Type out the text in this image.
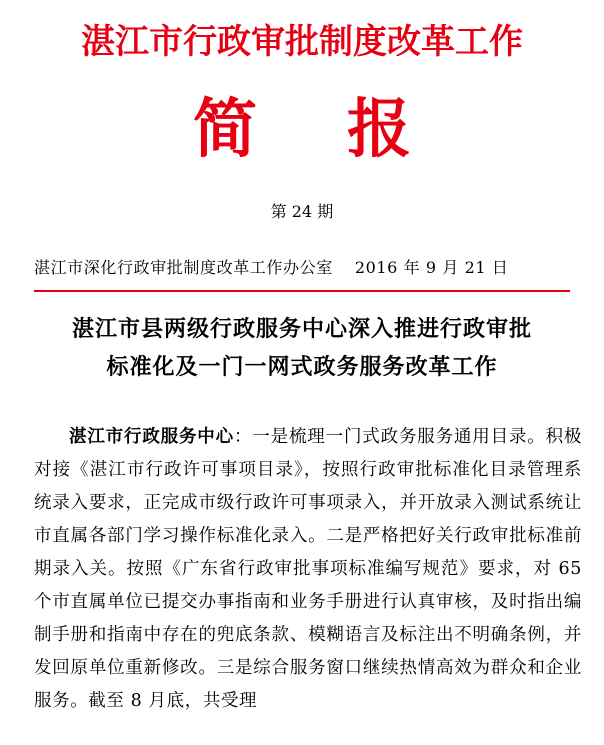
湛江市行政审批制度改革工作
简 报
第 24 期
湛江市深化行政审批制度改革工作办公室 2016 年 9 月 21 日
湛江市县两级行政服务中心深入推进行政审批
标准化及一门一网式政务服务改革工作

湛江市行政服务中心：一是梳理一门式政务服务通用目录。积极对接《湛江市行政许可事项目录》，按照行政审批标准化目录管理系统录入要求，正完成市级行政许可事项录入，并开放录入测试系统让市直属各部门学习操作标准化录入。二是严格把好关行政审批标准前期录入关。按照《广东省行政审批事项标准编写规范》要求，对 65 个市直属单位已提交办事指南和业务手册进行认真审核，及时指出编制手册和指南中存在的兜底条款、模糊语言及标注出不明确条例，并发回原单位重新修改。三是综合服务窗口继续热情高效为群众和企业服务。截至 8 月底，共受理
